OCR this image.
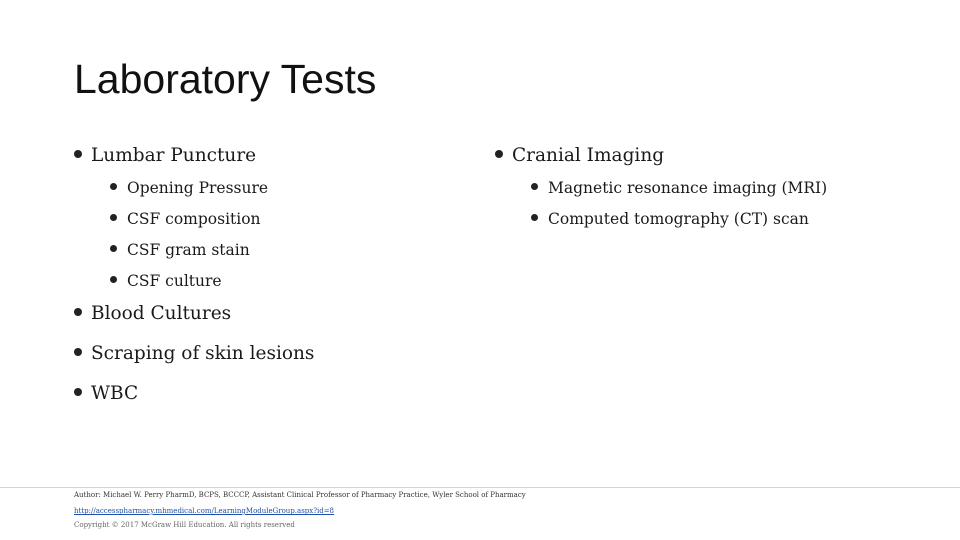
Laboratory Tests
Lumbar Puncture
Opening Pressure
CSF composition
CSF gram stain
CSF culture
Blood Cultures
Scraping of skin lesions
WBC
Cranial Imaging
Magnetic resonance imaging (MRI)
Computed tomography (CT) scan
Author: Michael W. Perry PharmD, BCPS, BCCCP, Assistant Clinical Professor of Pharmacy Practice, Wyler School of Pharmacy
http://accesspharmacy.mhmedical.com/LearningModuleGroup.aspx?id=8
Copyright © 2017 McGraw Hill Education. All rights reserved
